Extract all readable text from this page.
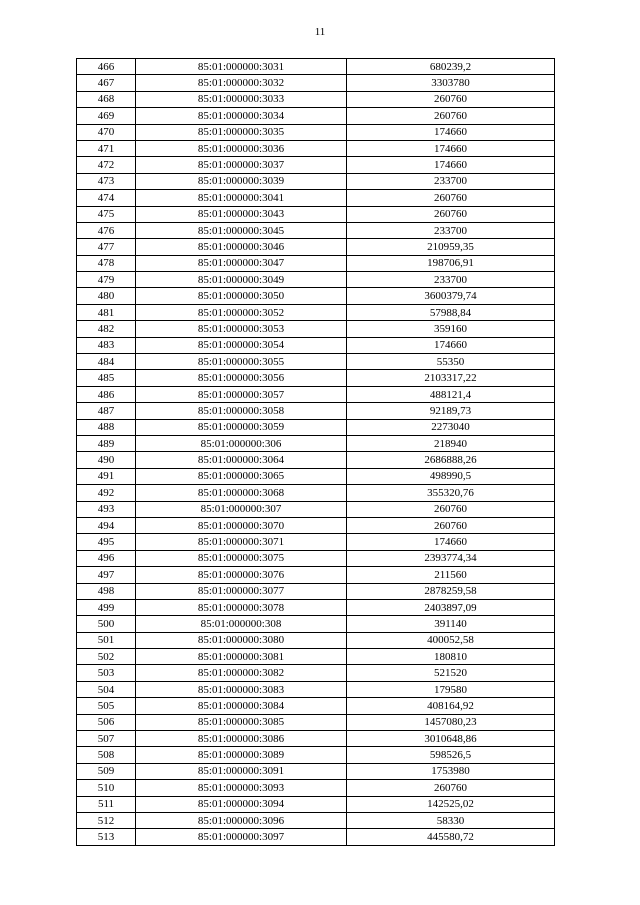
11
466	85:01:000000:3031	680239,2
467	85:01:000000:3032	3303780
468	85:01:000000:3033	260760
469	85:01:000000:3034	260760
470	85:01:000000:3035	174660
471	85:01:000000:3036	174660
472	85:01:000000:3037	174660
473	85:01:000000:3039	233700
474	85:01:000000:3041	260760
475	85:01:000000:3043	260760
476	85:01:000000:3045	233700
477	85:01:000000:3046	210959,35
478	85:01:000000:3047	198706,91
479	85:01:000000:3049	233700
480	85:01:000000:3050	3600379,74
481	85:01:000000:3052	57988,84
482	85:01:000000:3053	359160
483	85:01:000000:3054	174660
484	85:01:000000:3055	55350
485	85:01:000000:3056	2103317,22
486	85:01:000000:3057	488121,4
487	85:01:000000:3058	92189,73
488	85:01:000000:3059	2273040
489	85:01:000000:306	218940
490	85:01:000000:3064	2686888,26
491	85:01:000000:3065	498990,5
492	85:01:000000:3068	355320,76
493	85:01:000000:307	260760
494	85:01:000000:3070	260760
495	85:01:000000:3071	174660
496	85:01:000000:3075	2393774,34
497	85:01:000000:3076	211560
498	85:01:000000:3077	2878259,58
499	85:01:000000:3078	2403897,09
500	85:01:000000:308	391140
501	85:01:000000:3080	400052,58
502	85:01:000000:3081	180810
503	85:01:000000:3082	521520
504	85:01:000000:3083	179580
505	85:01:000000:3084	408164,92
506	85:01:000000:3085	1457080,23
507	85:01:000000:3086	3010648,86
508	85:01:000000:3089	598526,5
509	85:01:000000:3091	1753980
510	85:01:000000:3093	260760
511	85:01:000000:3094	142525,02
512	85:01:000000:3096	58330
513	85:01:000000:3097	445580,72
